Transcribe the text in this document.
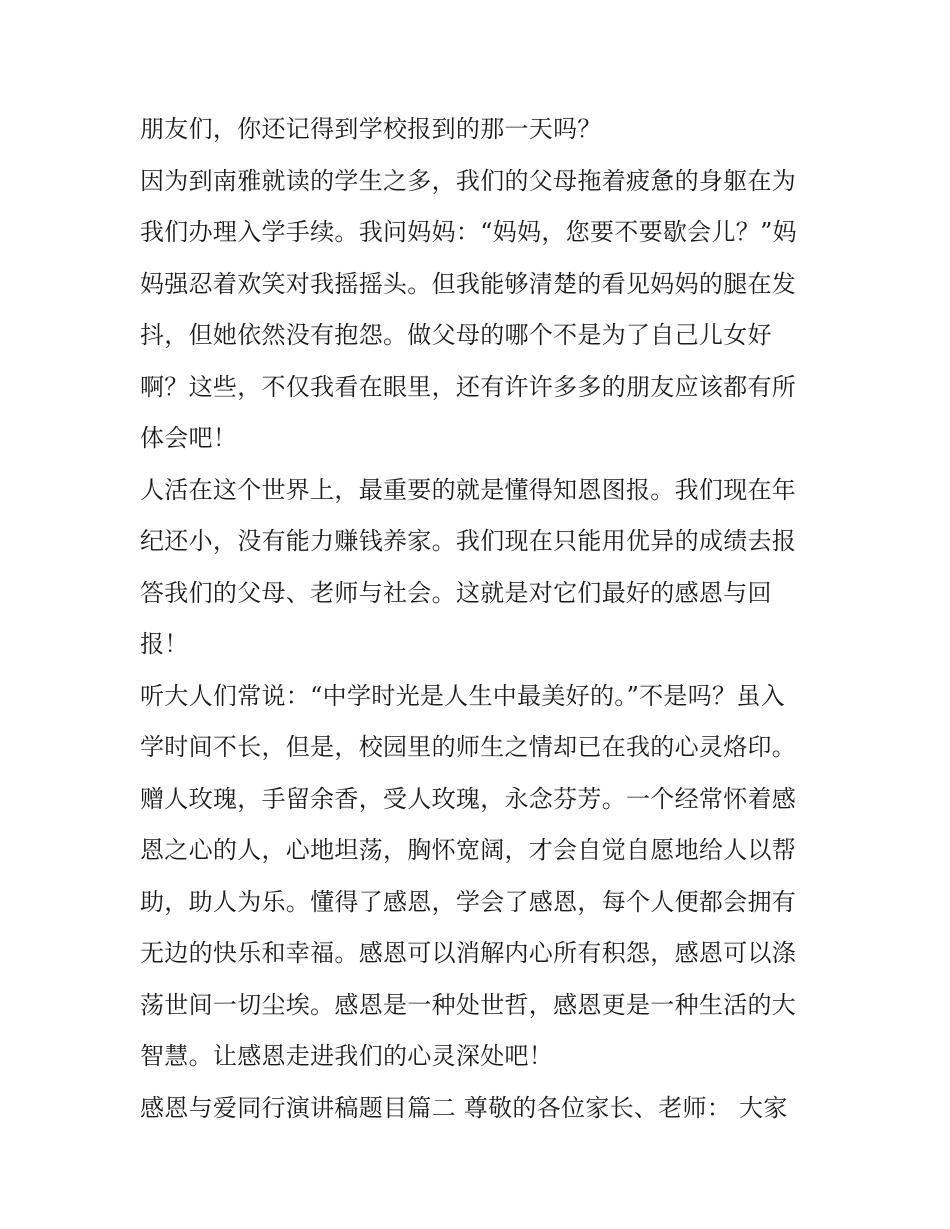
朋友们，你还记得到学校报到的那一天吗？
因为到南雅就读的学生之多，我们的父母拖着疲惫的身躯在为
我们办理入学手续。我问妈妈：“妈妈，您要不要歇会儿？”妈
妈强忍着欢笑对我摇摇头。但我能够清楚的看见妈妈的腿在发
抖，但她依然没有抱怨。做父母的哪个不是为了自己儿女好
啊？这些，不仅我看在眼里，还有许许多多的朋友应该都有所
体会吧！
人活在这个世界上，最重要的就是懂得知恩图报。我们现在年
纪还小，没有能力赚钱养家。我们现在只能用优异的成绩去报
答我们的父母、老师与社会。这就是对它们最好的感恩与回
报！
听大人们常说：“中学时光是人生中最美好的。”不是吗？虽入
学时间不长，但是，校园里的师生之情却已在我的心灵烙印。
赠人玫瑰，手留余香，受人玫瑰，永念芬芳。一个经常怀着感
恩之心的人，心地坦荡，胸怀宽阔，才会自觉自愿地给人以帮
助，助人为乐。懂得了感恩，学会了感恩，每个人便都会拥有
无边的快乐和幸福。感恩可以消解内心所有积怨，感恩可以涤
荡世间一切尘埃。感恩是一种处世哲，感恩更是一种生活的大
智慧。让感恩走进我们的心灵深处吧！
感恩与爱同行演讲稿题目篇二 尊敬的各位家长、老师： 大家
